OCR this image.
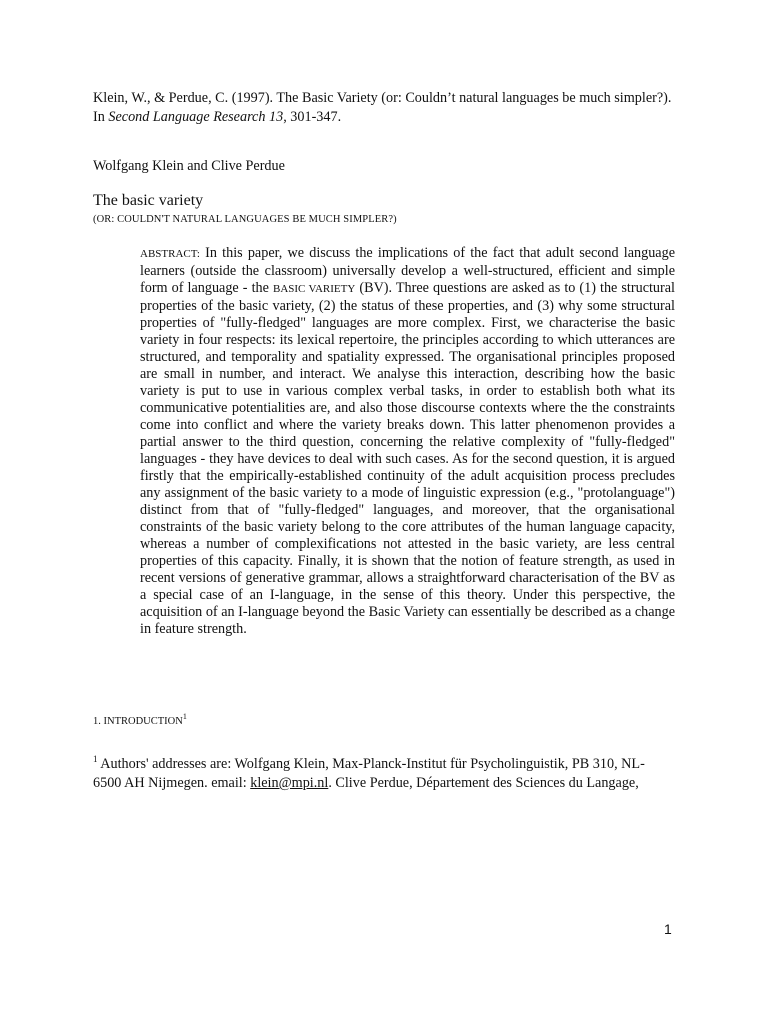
Klein, W., & Perdue, C. (1997). The Basic Variety (or: Couldn’t natural languages be much simpler?). In Second Language Research 13, 301-347.
Wolfgang Klein and Clive Perdue
The basic variety
(OR: COULDN'T NATURAL LANGUAGES BE MUCH SIMPLER?)

ABSTRACT: In this paper, we discuss the implications of the fact that adult second language learners (outside the classroom) universally develop a well-structured, efficient and simple form of language - the BASIC VARIETY (BV). Three questions are asked as to (1) the structural properties of the basic variety, (2) the status of these properties, and (3) why some structural properties of "fully-fledged" languages are more complex. First, we characterise the basic variety in four respects: its lexical repertoire, the principles according to which utterances are structured, and temporality and spatiality expressed. The organisational principles proposed are small in number, and interact. We analyse this interaction, describing how the basic variety is put to use in various complex verbal tasks, in order to establish both what its communicative potentialities are, and also those discourse contexts where the the constraints come into conflict and where the variety breaks down. This latter phenomenon provides a partial answer to the third question, concerning the relative complexity of "fully-fledged" languages - they have devices to deal with such cases. As for the second question, it is argued firstly that the empirically-established continuity of the adult acquisition process precludes any assignment of the basic variety to a mode of linguistic expression (e.g., "protolanguage") distinct from that of "fully-fledged" languages, and moreover, that the organisational constraints of the basic variety belong to the core attributes of the human language capacity, whereas a number of complexifications not attested in the basic variety, are less central properties of this capacity. Finally, it is shown that the notion of feature strength, as used in recent versions of generative grammar, allows a straightforward characterisation of the BV as a special case of an I-language, in the sense of this theory. Under this perspective, the acquisition of an I-language beyond the Basic Variety can essentially be described as a change in feature strength.

1. INTRODUCTION$^1$

$^1$ Authors' addresses are: Wolfgang Klein, Max-Planck-Institut für Psycholinguistik, PB 310, NL-6500 AH Nijmegen. email: klein@mpi.nl. Clive Perdue, Département des Sciences du Langage,

1
